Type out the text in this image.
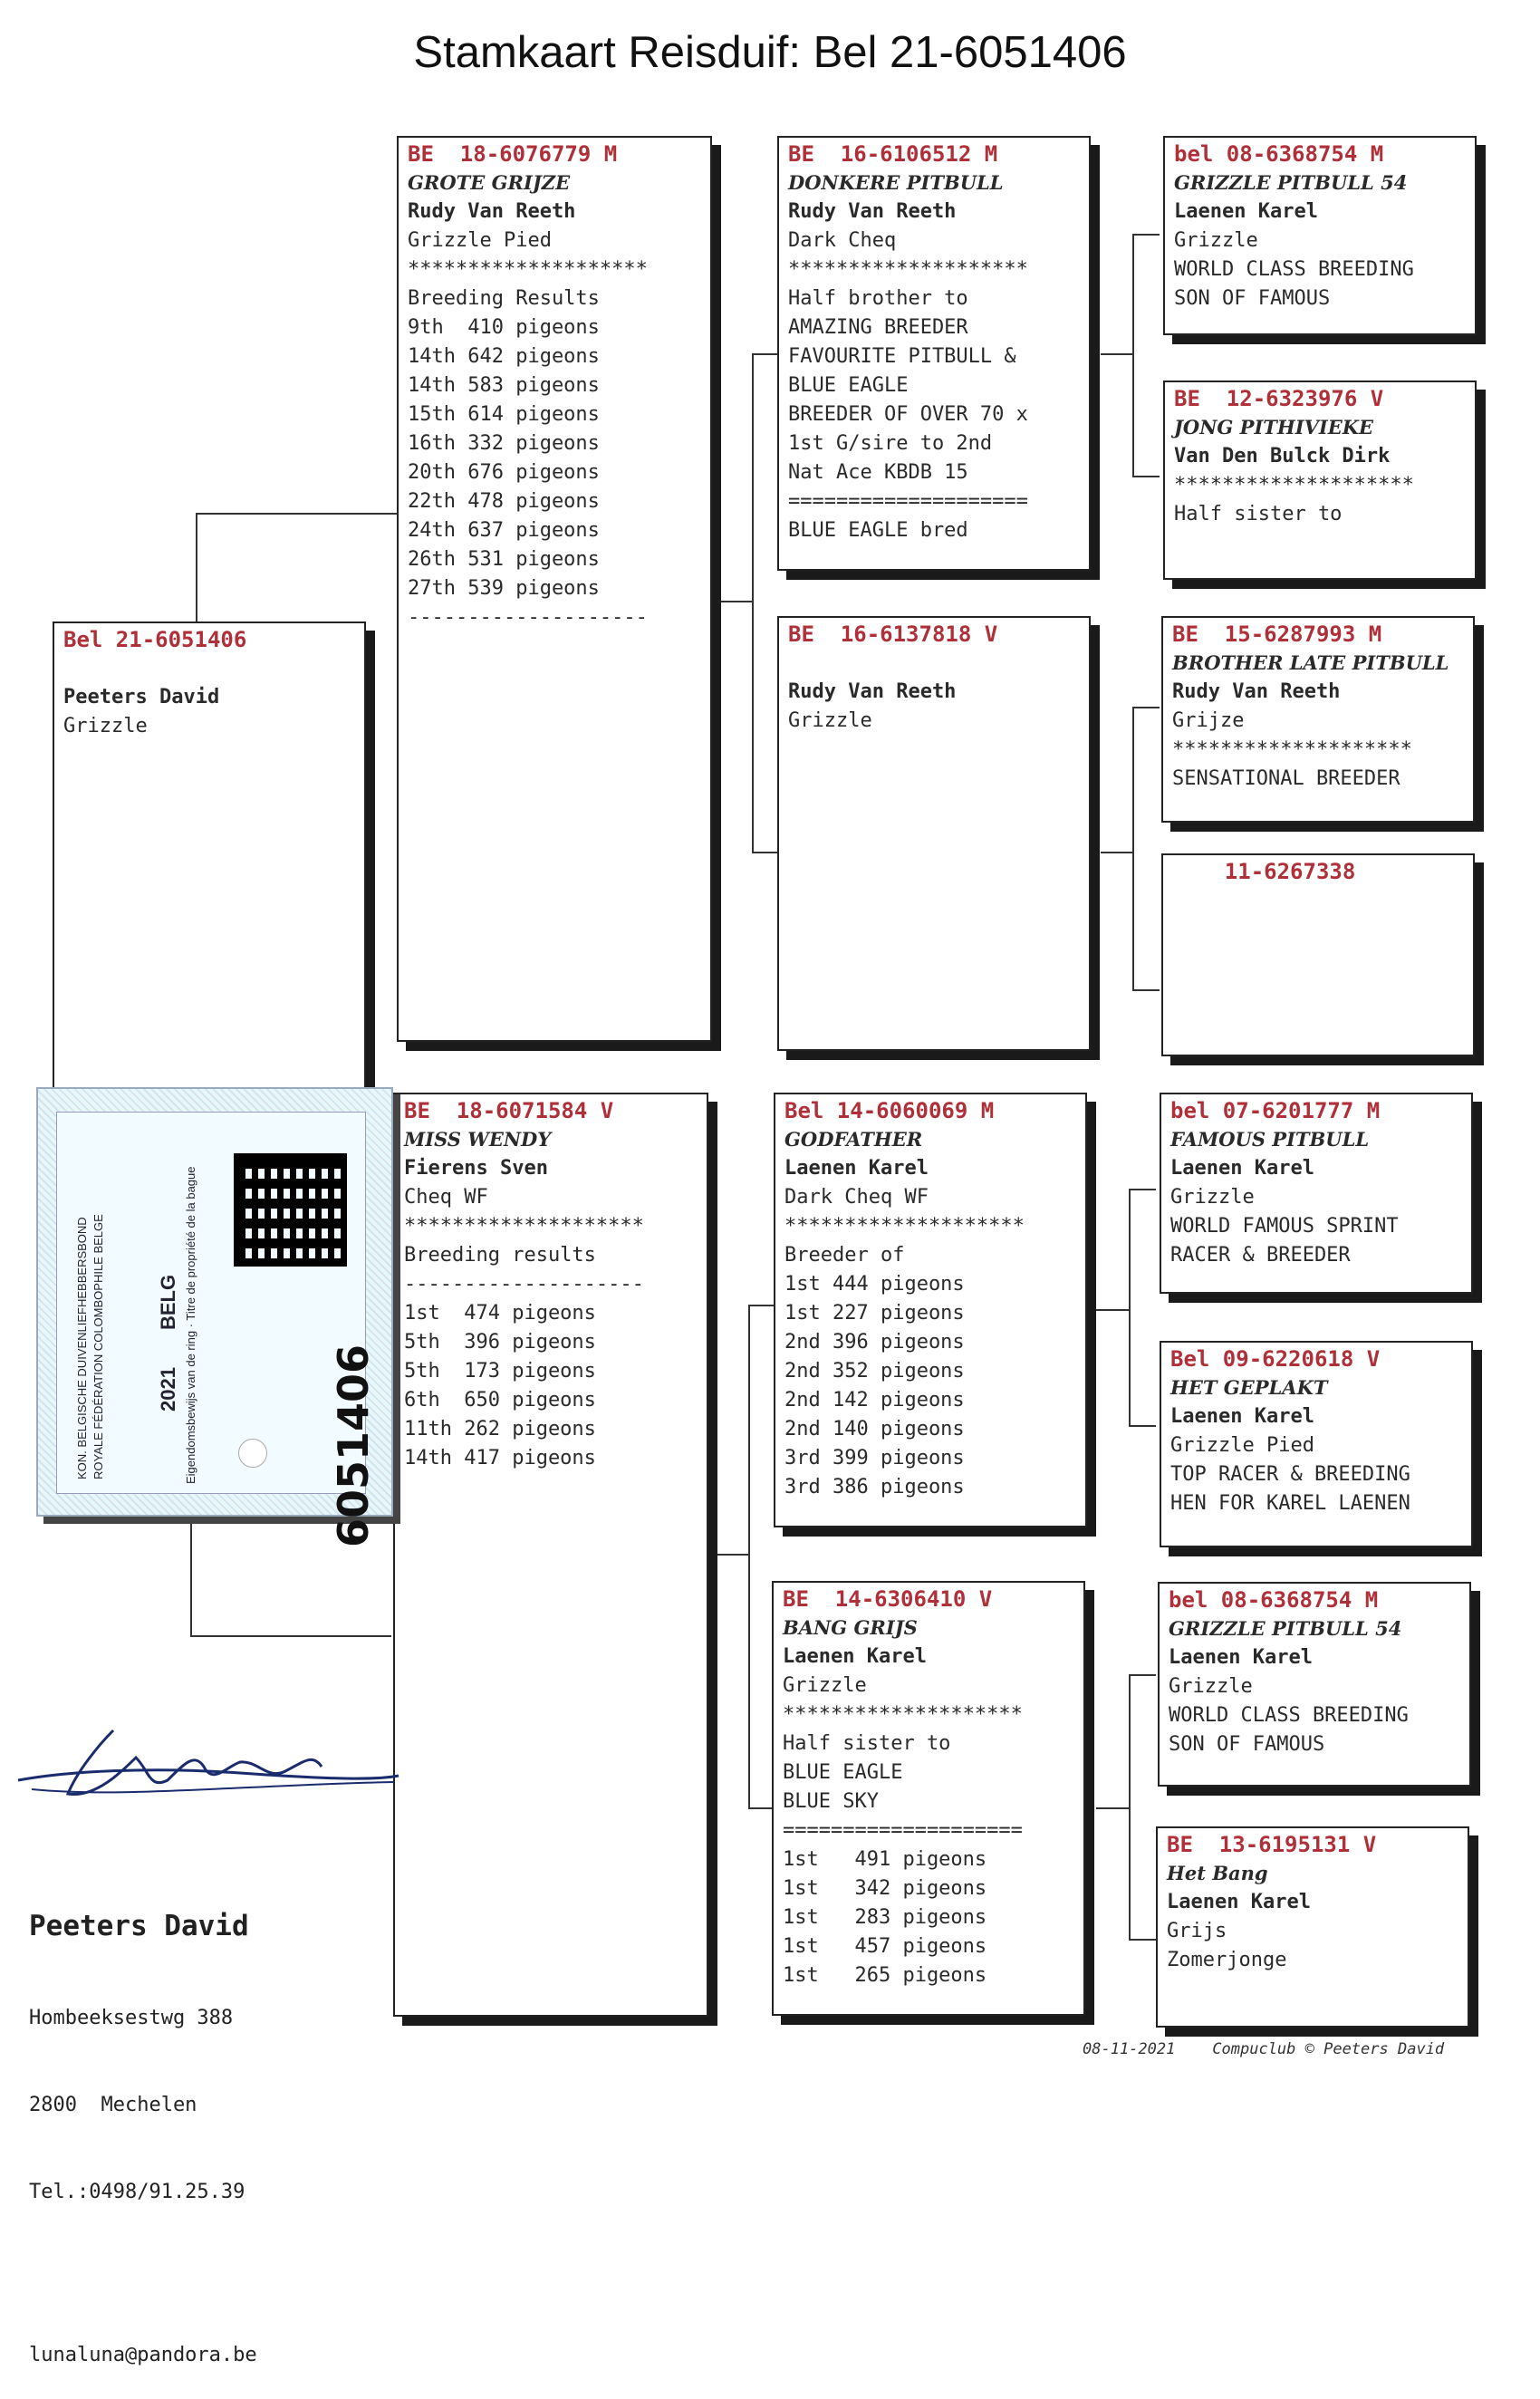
Stamkaart Reisduif: Bel 21-6051406
Bel 21-6051406

Peeters David
Grizzle
BE  18-6076779 M
GROTE GRIJZE
Rudy Van Reeth
Grizzle Pied
********************
Breeding Results
9th  410 pigeons
14th 642 pigeons
14th 583 pigeons
15th 614 pigeons
16th 332 pigeons
20th 676 pigeons
22th 478 pigeons
24th 637 pigeons
26th 531 pigeons
27th 539 pigeons
--------------------
BE  18-6071584 V
MISS WENDY
Fierens Sven
Cheq WF
********************
Breeding results
--------------------
1st  474 pigeons
5th  396 pigeons
5th  173 pigeons
6th  650 pigeons
11th 262 pigeons
14th 417 pigeons
BE  16-6106512 M
DONKERE PITBULL
Rudy Van Reeth
Dark Cheq
********************
Half brother to
AMAZING BREEDER
FAVOURITE PITBULL &
BLUE EAGLE
BREEDER OF OVER 70 x
1st G/sire to 2nd
Nat Ace KBDB 15
====================
BLUE EAGLE bred
BE  16-6137818 V

Rudy Van Reeth
Grizzle
Bel 14-6060069 M
GODFATHER
Laenen Karel
Dark Cheq WF
********************
Breeder of
1st 444 pigeons
1st 227 pigeons
2nd 396 pigeons
2nd 352 pigeons
2nd 142 pigeons
2nd 140 pigeons
3rd 399 pigeons
3rd 386 pigeons
BE  14-6306410 V
BANG GRIJS
Laenen Karel
Grizzle
********************
Half sister to
BLUE EAGLE
BLUE SKY
====================
1st   491 pigeons
1st   342 pigeons
1st   283 pigeons
1st   457 pigeons
1st   265 pigeons
bel 08-6368754 M
GRIZZLE PITBULL 54
Laenen Karel
Grizzle
WORLD CLASS BREEDING
SON OF FAMOUS
BE  12-6323976 V
JONG PITHIVIEKE
Van Den Bulck Dirk
********************
Half sister to
BE  15-6287993 M
BROTHER LATE PITBULL
Rudy Van Reeth
Grijze
********************
SENSATIONAL BREEDER
11-6267338
bel 07-6201777 M
FAMOUS PITBULL
Laenen Karel
Grizzle
WORLD FAMOUS SPRINT
RACER & BREEDER
Bel 09-6220618 V
HET GEPLAKT
Laenen Karel
Grizzle Pied
TOP RACER & BREEDING
HEN FOR KAREL LAENEN
bel 08-6368754 M
GRIZZLE PITBULL 54
Laenen Karel
Grizzle
WORLD CLASS BREEDING
SON OF FAMOUS
BE  13-6195131 V
Het Bang
Laenen Karel
Grijs
Zomerjonge
6051406
2021
BELG
KON. BELGISCHE DUIVENLIEFHEBBERSBOND ROYALE FÉDÉRATION COLOMBOPHILE BELGE	Eigendomsbewijs van de ring · Titre de propriété de la bague

Peeters David

Hombeeksestwg 388

2800  Mechelen

Tel.:0498/91.25.39

lunaluna@pandora.be

08-11-2021    Compuclub © Peeters David
